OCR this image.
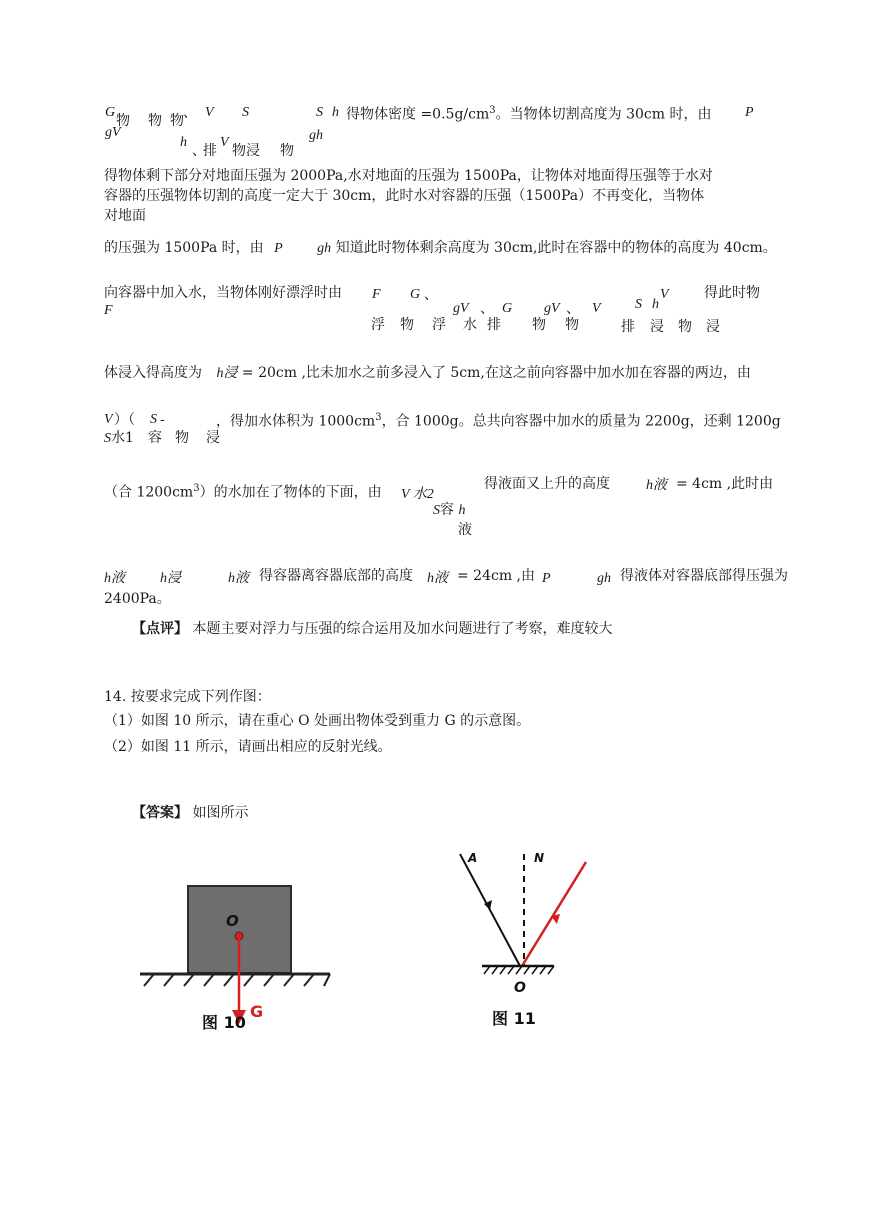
G
物 物 物 、 V S	S h 得物体密度 $=0.5g/cm^3$。当物体切割高度为 30cm 时，由 P
gV
h
、
排
V
物浸 物
gh
得物体剩下部分对地面压强为 2000Pa,水对地面的压强为 1500Pa，让物体对地面得压强等于水对
容器的压强物体切割的高度一定大于 30cm，此时水对容器的压强（1500Pa）不再变化，当物体
对地面
的压强为 1500Pa 时，由 P gh 知道此时物体剩余高度为 30cm,此时在容器中的物体的高度为 40cm。
向容器中加入水，当物体刚好漂浮时由 F G 、
F
浮 物 浮
gV
水
、
排
G
物
gV 、
物
V S h
V
排 浸 物 浸
得此时物
体浸入得高度为 h浸 = 20cm ,比未加水之前多浸入了 5cm,在这之前向容器中加水加在容器的两边，由
V ）（ S -
S水1 容 物 浸
，得加水体积为 $1000cm^3$，合 1000g。总共向容器中加水的质量为 2200g，还剩 1200g
（合 $1200cm^3$）的水加在了物体的下面，由 V 水2
得液面又上升的高度	h液 = 4cm ,此时由
S容 h
液
h液	h浸	h液 得容器离容器底部的高度 h液 = 24cm ,由 P	gh 得液体对容器底部得压强为
2400Pa。
【点评】 本题主要对浮力与压强的综合运用及加水问题进行了考察，难度较大
14. 按要求完成下列作图：
（1）如图 10 所示，请在重心 O 处画出物体受到重力 G 的示意图。
（2）如图 11 所示，请画出相应的反射光线。
【答案】 如图所示
O
G
图 10
A	N
O
图 11
